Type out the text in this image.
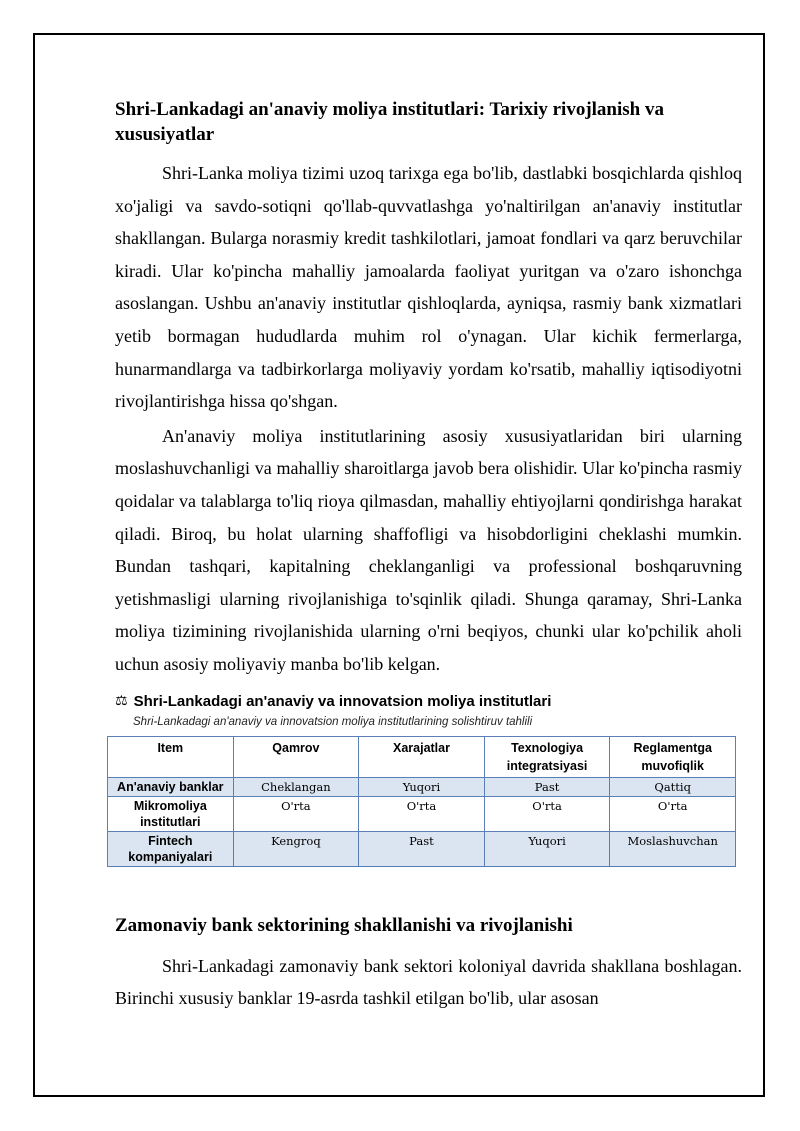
Shri-Lankadagi an'anaviy moliya institutlari: Tarixiy rivojlanish va xususiyatlar

Shri-Lanka moliya tizimi uzoq tarixga ega bo'lib, dastlabki bosqichlarda qishloq xo'jaligi va savdo-sotiqni qo'llab-quvvatlashga yo'naltirilgan an'anaviy institutlar shakllangan. Bularga norasmiy kredit tashkilotlari, jamoat fondlari va qarz beruvchilar kiradi. Ular ko'pincha mahalliy jamoalarda faoliyat yuritgan va o'zaro ishonchga asoslangan. Ushbu an'anaviy institutlar qishloqlarda, ayniqsa, rasmiy bank xizmatlari yetib bormagan hududlarda muhim rol o'ynagan. Ular kichik fermerlarga, hunarmandlarga va tadbirkorlarga moliyaviy yordam ko'rsatib, mahalliy iqtisodiyotni rivojlantirishga hissa qo'shgan.

An'anaviy moliya institutlarining asosiy xususiyatlaridan biri ularning moslashuvchanligi va mahalliy sharoitlarga javob bera olishidir. Ular ko'pincha rasmiy qoidalar va talablarga to'liq rioya qilmasdan, mahalliy ehtiyojlarni qondirishga harakat qiladi. Biroq, bu holat ularning shaffofligi va hisobdorligini cheklashi mumkin. Bundan tashqari, kapitalning cheklanganligi va professional boshqaruvning yetishmasligi ularning rivojlanishiga to'sqinlik qiladi. Shunga qaramay, Shri-Lanka moliya tizimining rivojlanishida ularning o'rni beqiyos, chunki ular ko'pchilik aholi uchun asosiy moliyaviy manba bo'lib kelgan.

⚖ Shri-Lankadagi an'anaviy va innovatsion moliya institutlari
Shri-Lankadagi an'anaviy va innovatsion moliya institutlarining solishtiruv tahlili
Item	Qamrov	Xarajatlar	Texnologiya integratsiyasi	Reglamentga muvofiqlik
An'anaviy banklar	Cheklangan	Yuqori	Past	Qattiq
Mikromoliya institutlari	O'rta	O'rta	O'rta	O'rta
Fintech kompaniyalari	Kengroq	Past	Yuqori	Moslashuvchan
Zamonaviy bank sektorining shakllanishi va rivojlanishi

Shri-Lankadagi zamonaviy bank sektori koloniyal davrida shakllana boshlagan. Birinchi xususiy banklar 19-asrda tashkil etilgan bo'lib, ular asosan
